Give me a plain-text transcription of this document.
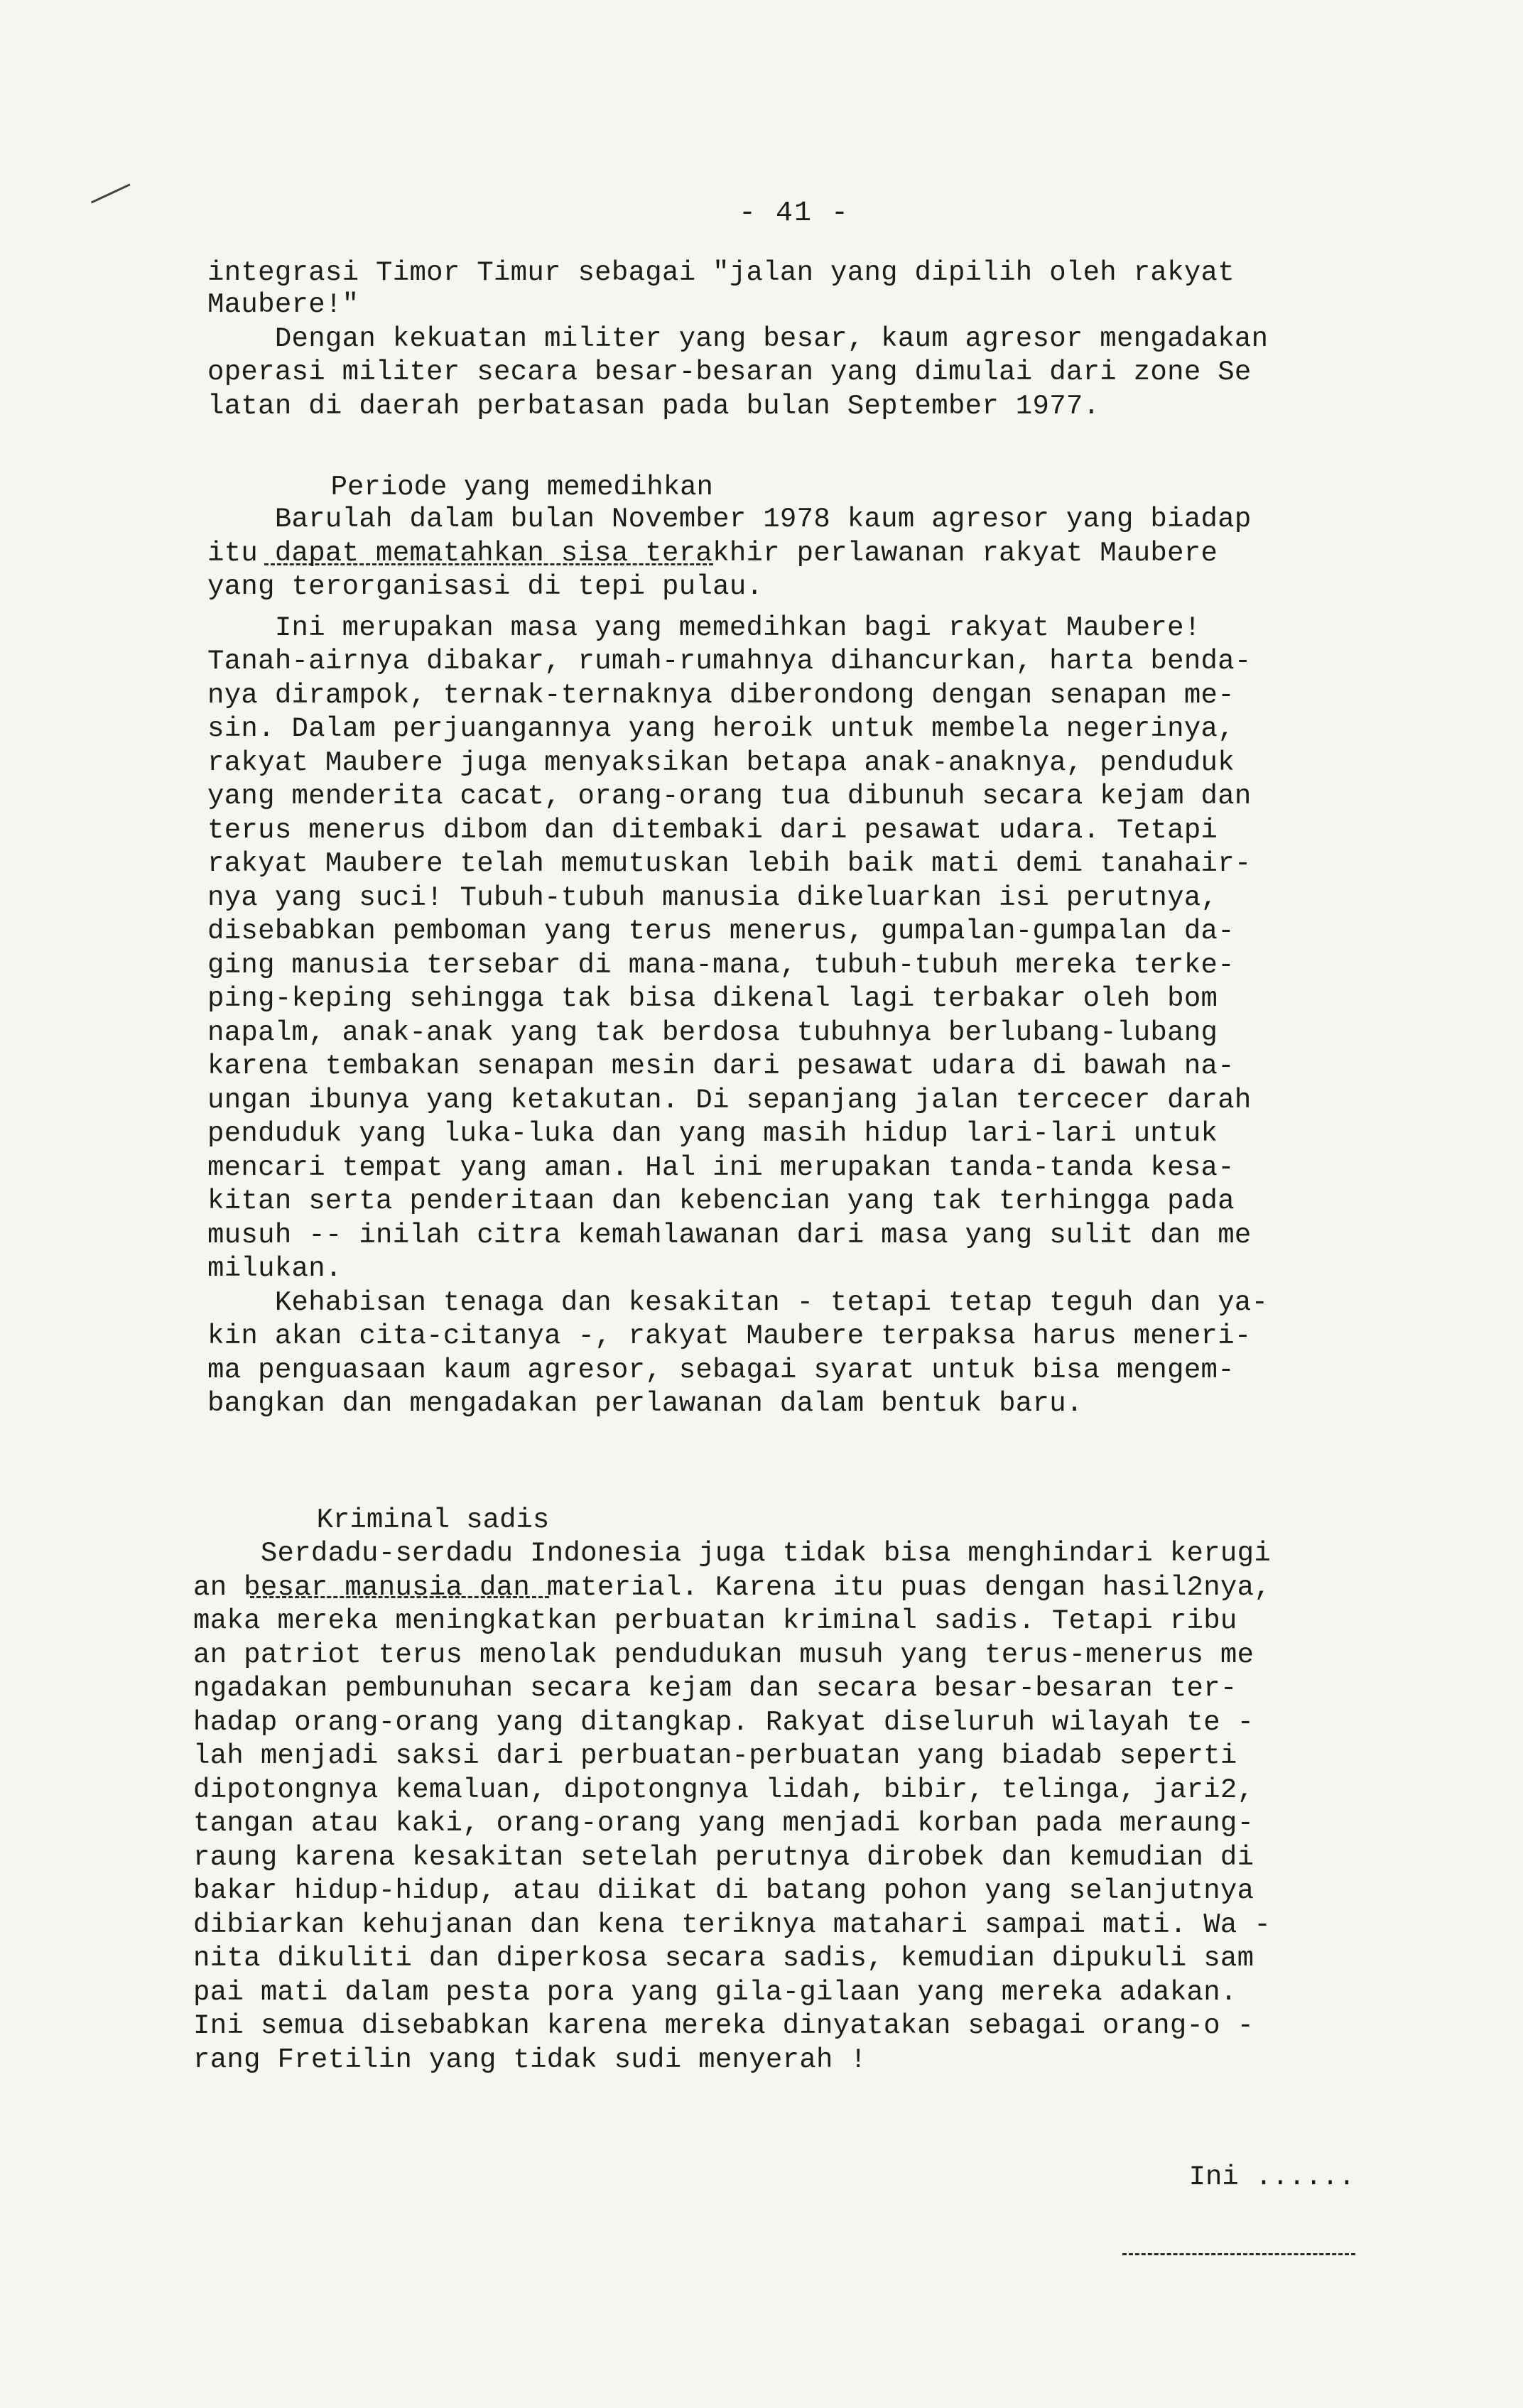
- 41 -
integrasi Timor Timur sebagai "jalan yang dipilih oleh rakyat
Maubere!"
Dengan kekuatan militer yang besar, kaum agresor mengadakan
operasi militer secara besar-besaran yang dimulai dari zone Se
latan di daerah perbatasan pada bulan September 1977.

Periode yang memedihkan

Barulah dalam bulan November 1978 kaum agresor yang biadap
itu dapat mematahkan sisa terakhir perlawanan rakyat Maubere
yang terorganisasi di tepi pulau.
Ini merupakan masa yang memedihkan bagi rakyat Maubere!
Tanah-airnya dibakar, rumah-rumahnya dihancurkan, harta benda-
nya dirampok, ternak-ternaknya diberondong dengan senapan me-
sin. Dalam perjuangannya yang heroik untuk membela negerinya,
rakyat Maubere juga menyaksikan betapa anak-anaknya, penduduk
yang menderita cacat, orang-orang tua dibunuh secara kejam dan
terus menerus dibom dan ditembaki dari pesawat udara. Tetapi
rakyat Maubere telah memutuskan lebih baik mati demi tanahair-
nya yang suci! Tubuh-tubuh manusia dikeluarkan isi perutnya,
disebabkan pemboman yang terus menerus, gumpalan-gumpalan da-
ging manusia tersebar di mana-mana, tubuh-tubuh mereka terke-
ping-keping sehingga tak bisa dikenal lagi terbakar oleh bom
napalm, anak-anak yang tak berdosa tubuhnya berlubang-lubang
karena tembakan senapan mesin dari pesawat udara di bawah na-
ungan ibunya yang ketakutan. Di sepanjang jalan tercecer darah
penduduk yang luka-luka dan yang masih hidup lari-lari untuk
mencari tempat yang aman. Hal ini merupakan tanda-tanda kesa-
kitan serta penderitaan dan kebencian yang tak terhingga pada
musuh -- inilah citra kemahlawanan dari masa yang sulit dan me
milukan.
Kehabisan tenaga dan kesakitan - tetapi tetap teguh dan ya-
kin akan cita-citanya -, rakyat Maubere terpaksa harus meneri-
ma penguasaan kaum agresor, sebagai syarat untuk bisa mengem-
bangkan dan mengadakan perlawanan dalam bentuk baru.

Kriminal sadis

Serdadu-serdadu Indonesia juga tidak bisa menghindari kerugi
an besar manusia dan material. Karena itu puas dengan hasil2nya,
maka mereka meningkatkan perbuatan kriminal sadis. Tetapi ribu
an patriot terus menolak pendudukan musuh yang terus-menerus me
ngadakan pembunuhan secara kejam dan secara besar-besaran ter-
hadap orang-orang yang ditangkap. Rakyat diseluruh wilayah te -
lah menjadi saksi dari perbuatan-perbuatan yang biadab seperti
dipotongnya kemaluan, dipotongnya lidah, bibir, telinga, jari2,
tangan atau kaki, orang-orang yang menjadi korban pada meraung-
raung karena kesakitan setelah perutnya dirobek dan kemudian di
bakar hidup-hidup, atau diikat di batang pohon yang selanjutnya
dibiarkan kehujanan dan kena teriknya matahari sampai mati. Wa -
nita dikuliti dan diperkosa secara sadis, kemudian dipukuli sam
pai mati dalam pesta pora yang gila-gilaan yang mereka adakan.
Ini semua disebabkan karena mereka dinyatakan sebagai orang-o -
rang Fretilin yang tidak sudi menyerah !

Ini ......
